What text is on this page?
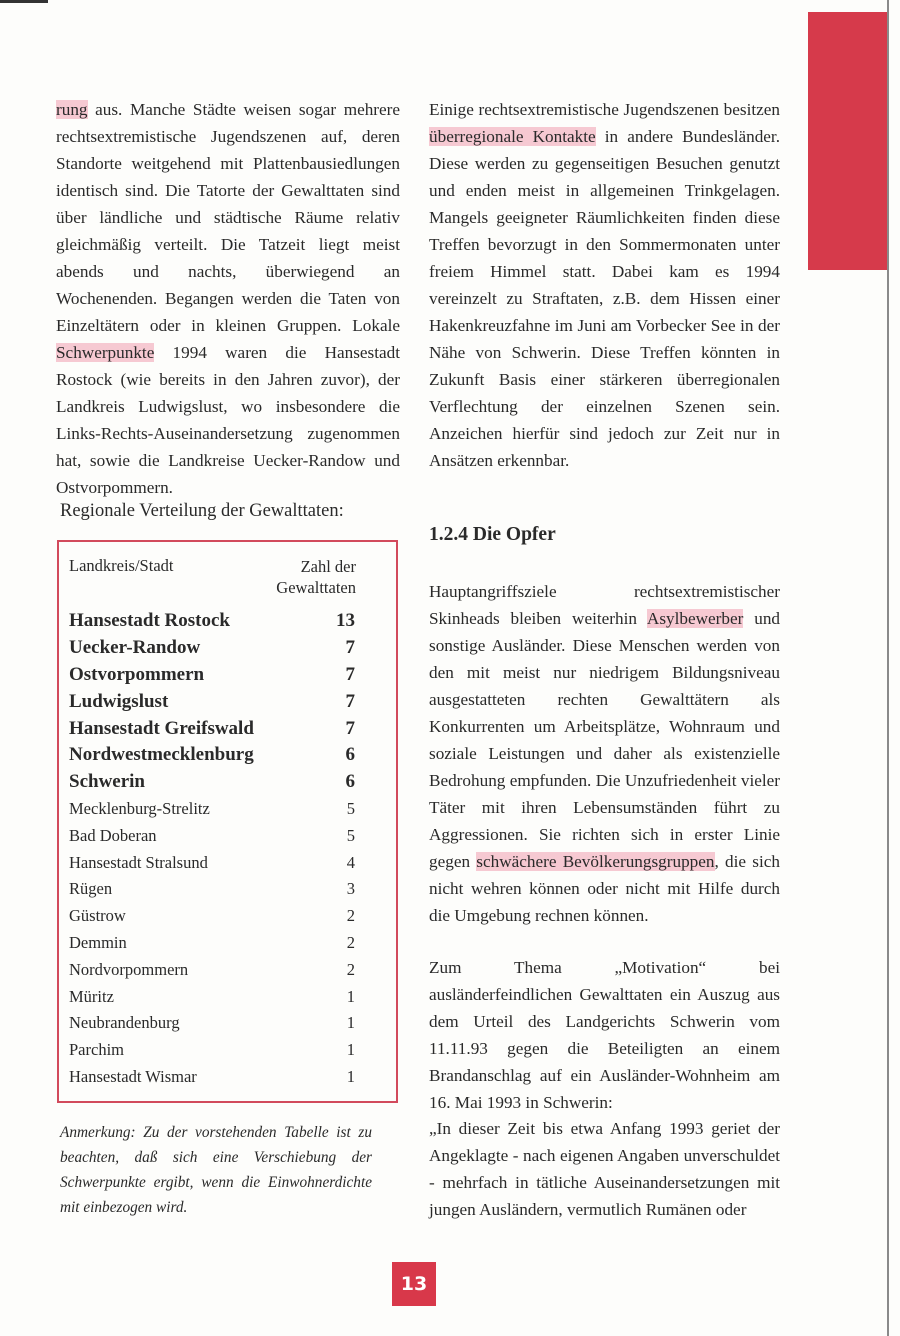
rung aus. Manche Städte weisen sogar mehrere rechtsextremistische Jugendszenen auf, deren Standorte weitgehend mit Plattenbausiedlungen identisch sind. Die Tatorte der Gewalttaten sind über ländliche und städtische Räume relativ gleichmäßig verteilt. Die Tatzeit liegt meist abends und nachts, überwiegend an Wochenenden. Begangen werden die Taten von Einzeltätern oder in kleinen Gruppen. Lokale Schwerpunkte 1994 waren die Hansestadt Rostock (wie bereits in den Jahren zuvor), der Landkreis Ludwigslust, wo insbesondere die Links-Rechts-Auseinandersetzung zugenommen hat, sowie die Landkreise Uecker-Randow und Ostvorpommern.

Regionale Verteilung der Gewalttaten:
Landkreis/Stadt	Zahl der
Gewalttaten
Hansestadt Rostock	13
Uecker-Randow	7
Ostvorpommern	7
Ludwigslust	7
Hansestadt Greifswald	7
Nordwestmecklenburg	6
Schwerin	6
Mecklenburg-Strelitz	5
Bad Doberan	5
Hansestadt Stralsund	4
Rügen	3
Güstrow	2
Demmin	2
Nordvorpommern	2
Müritz	1
Neubrandenburg	1
Parchim	1
Hansestadt Wismar	1
Anmerkung: Zu der vorstehenden Tabelle ist zu beachten, daß sich eine Verschiebung der Schwerpunkte ergibt, wenn die Einwohnerdichte mit einbezogen wird.

Einige rechtsextremistische Jugendszenen besitzen überregionale Kontakte in andere Bundesländer. Diese werden zu gegenseitigen Besuchen genutzt und enden meist in allgemeinen Trinkgelagen. Mangels geeigneter Räumlichkeiten finden diese Treffen bevorzugt in den Sommermonaten unter freiem Himmel statt. Dabei kam es 1994 vereinzelt zu Straftaten, z.B. dem Hissen einer Hakenkreuzfahne im Juni am Vorbecker See in der Nähe von Schwerin. Diese Treffen könnten in Zukunft Basis einer stärkeren überregionalen Verflechtung der einzelnen Szenen sein. Anzeichen hierfür sind jedoch zur Zeit nur in Ansätzen erkennbar.

1.2.4 Die Opfer

Hauptangriffsziele rechtsextremistischer Skinheads bleiben weiterhin Asylbewerber und sonstige Ausländer. Diese Menschen werden von den mit meist nur niedrigem Bildungsniveau ausgestatteten rechten Gewalttätern als Konkurrenten um Arbeitsplätze, Wohnraum und soziale Leistungen und daher als existenzielle Bedrohung empfunden. Die Unzufriedenheit vieler Täter mit ihren Lebensumständen führt zu Aggressionen. Sie richten sich in erster Linie gegen schwächere Bevölkerungsgruppen, die sich nicht wehren können oder nicht mit Hilfe durch die Umgebung rechnen können.

Zum Thema „Motivation“ bei ausländerfeindlichen Gewalttaten ein Auszug aus dem Urteil des Landgerichts Schwerin vom 11.11.93 gegen die Beteiligten an einem Brandanschlag auf ein Ausländer-Wohnheim am 16. Mai 1993 in Schwerin:

„In dieser Zeit bis etwa Anfang 1993 geriet der Angeklagte - nach eigenen Angaben unverschuldet - mehrfach in tätliche Auseinandersetzungen mit jungen Ausländern, vermutlich Rumänen oder

13
